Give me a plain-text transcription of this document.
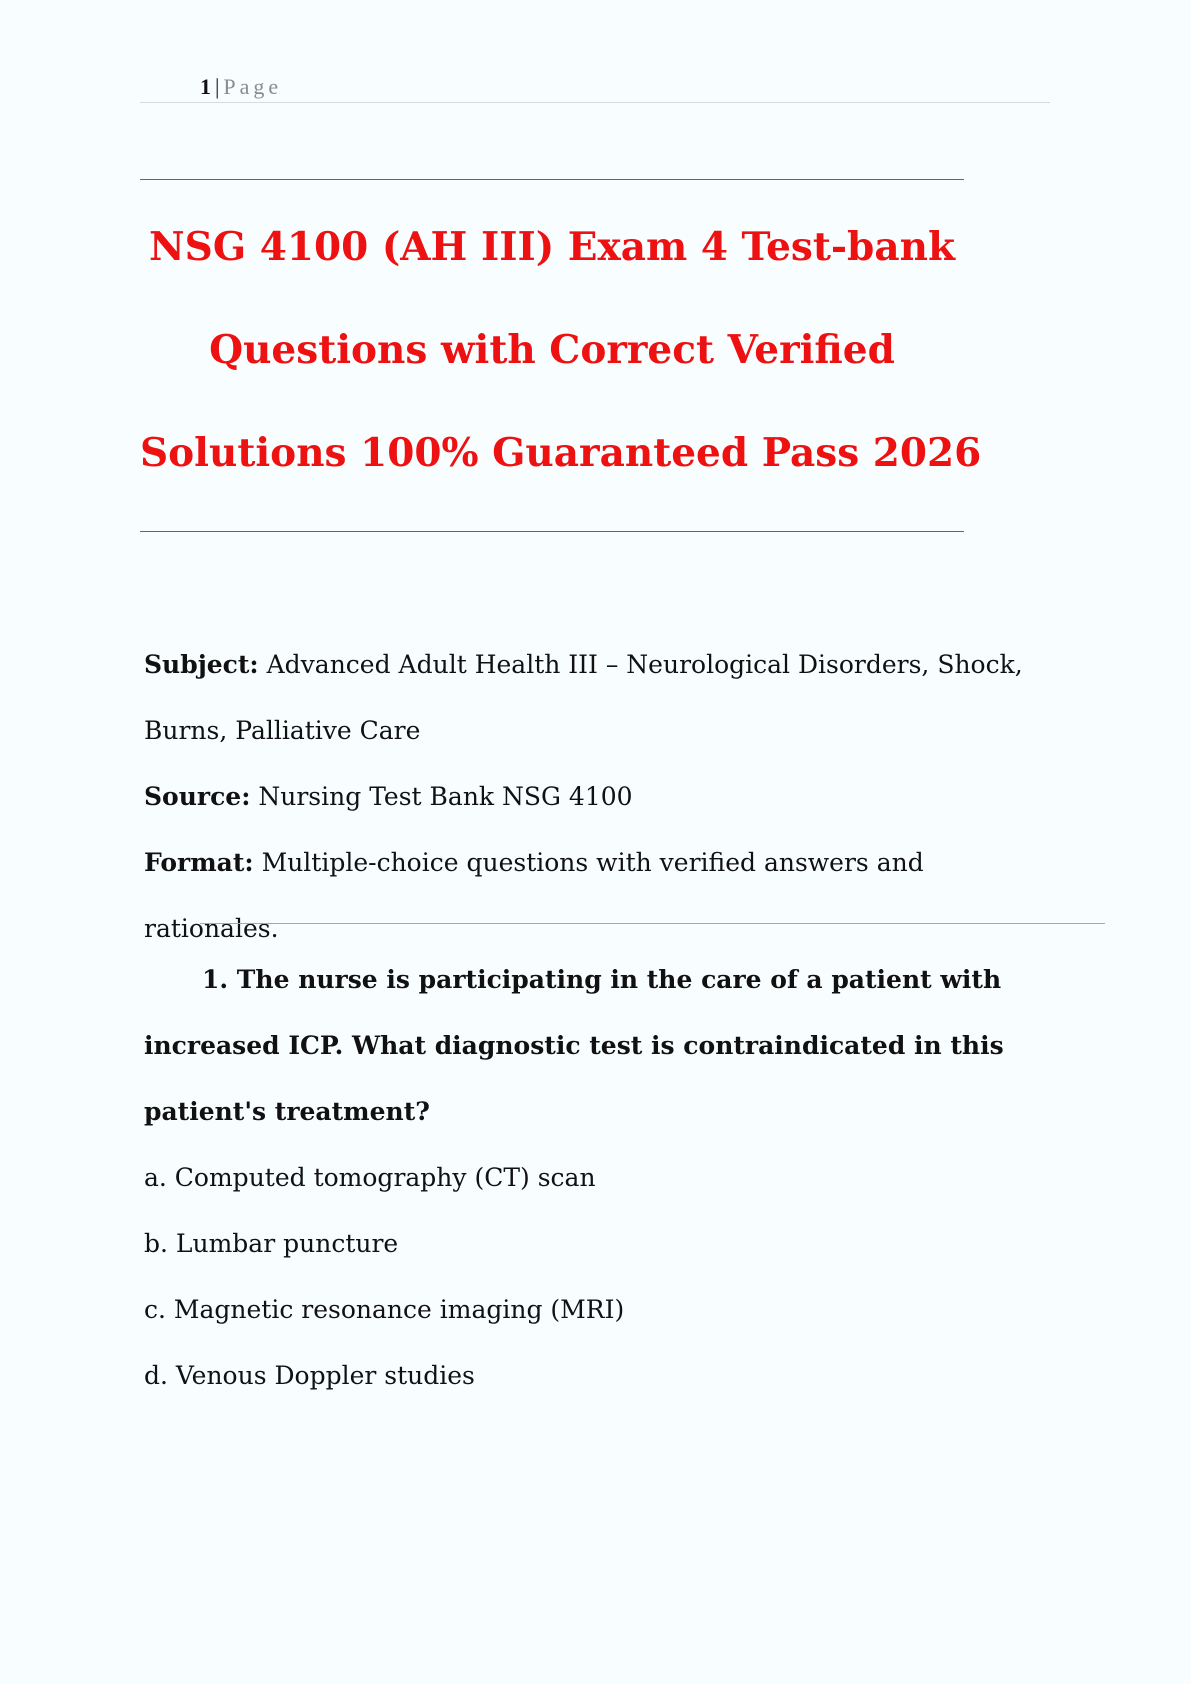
1 | Page
NSG 4100 (AH III) Exam 4 Test-bank
Questions with Correct Verified
Solutions 100% Guaranteed Pass 2026

Subject: Advanced Adult Health III – Neurological Disorders, Shock, Burns, Palliative Care

Source: Nursing Test Bank NSG 4100

Format: Multiple-choice questions with verified answers and rationales.

1. The nurse is participating in the care of a patient with increased ICP. What diagnostic test is contraindicated in this patient's treatment?

a. Computed tomography (CT) scan

b. Lumbar puncture

c. Magnetic resonance imaging (MRI)

d. Venous Doppler studies
